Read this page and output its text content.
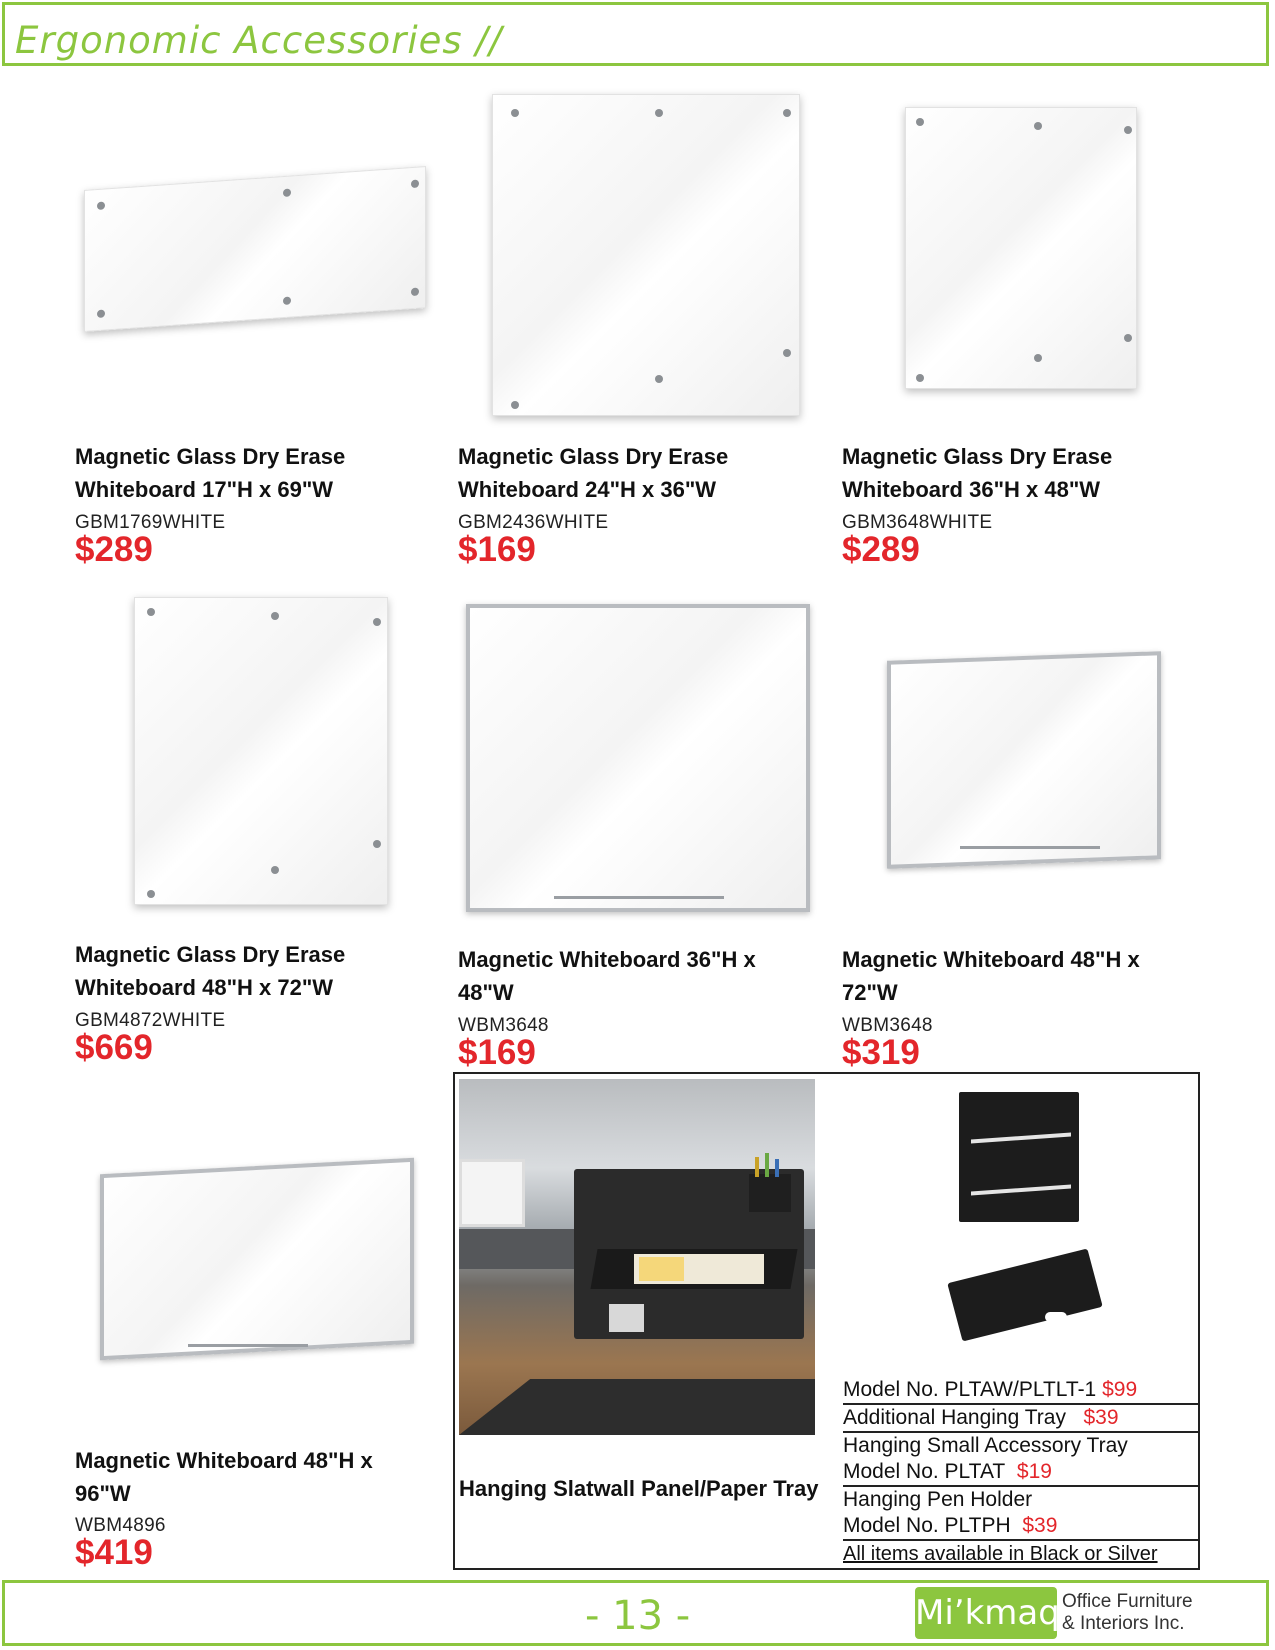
Ergonomic Accessories //
Magnetic Glass Dry Erase
Whiteboard 17"H x 69"W
GBM1769WHITE
$289
Magnetic Glass Dry Erase
Whiteboard 24"H x 36"W
GBM2436WHITE
$169
Magnetic Glass Dry Erase
Whiteboard 36"H x 48"W
GBM3648WHITE
$289
Magnetic Glass Dry Erase
Whiteboard 48"H x 72"W
GBM4872WHITE
$669
Magnetic Whiteboard 36"H x
48"W
WBM3648
$169
Magnetic Whiteboard 48"H x
72"W
WBM3648
$319
Magnetic Whiteboard 48"H x
96"W
WBM4896
$419
Hanging Slatwall Panel/Paper Tray
Model No. PLTAW/PLTLT-1 $99
Additional Hanging Tray $39
Hanging Small Accessory Tray
Model No. PLTAT $19
Hanging Pen Holder
Model No. PLTPH $39
All items available in Black or Silver
- 13 -	Mi’kmaq Office Furniture
& Interiors Inc.
